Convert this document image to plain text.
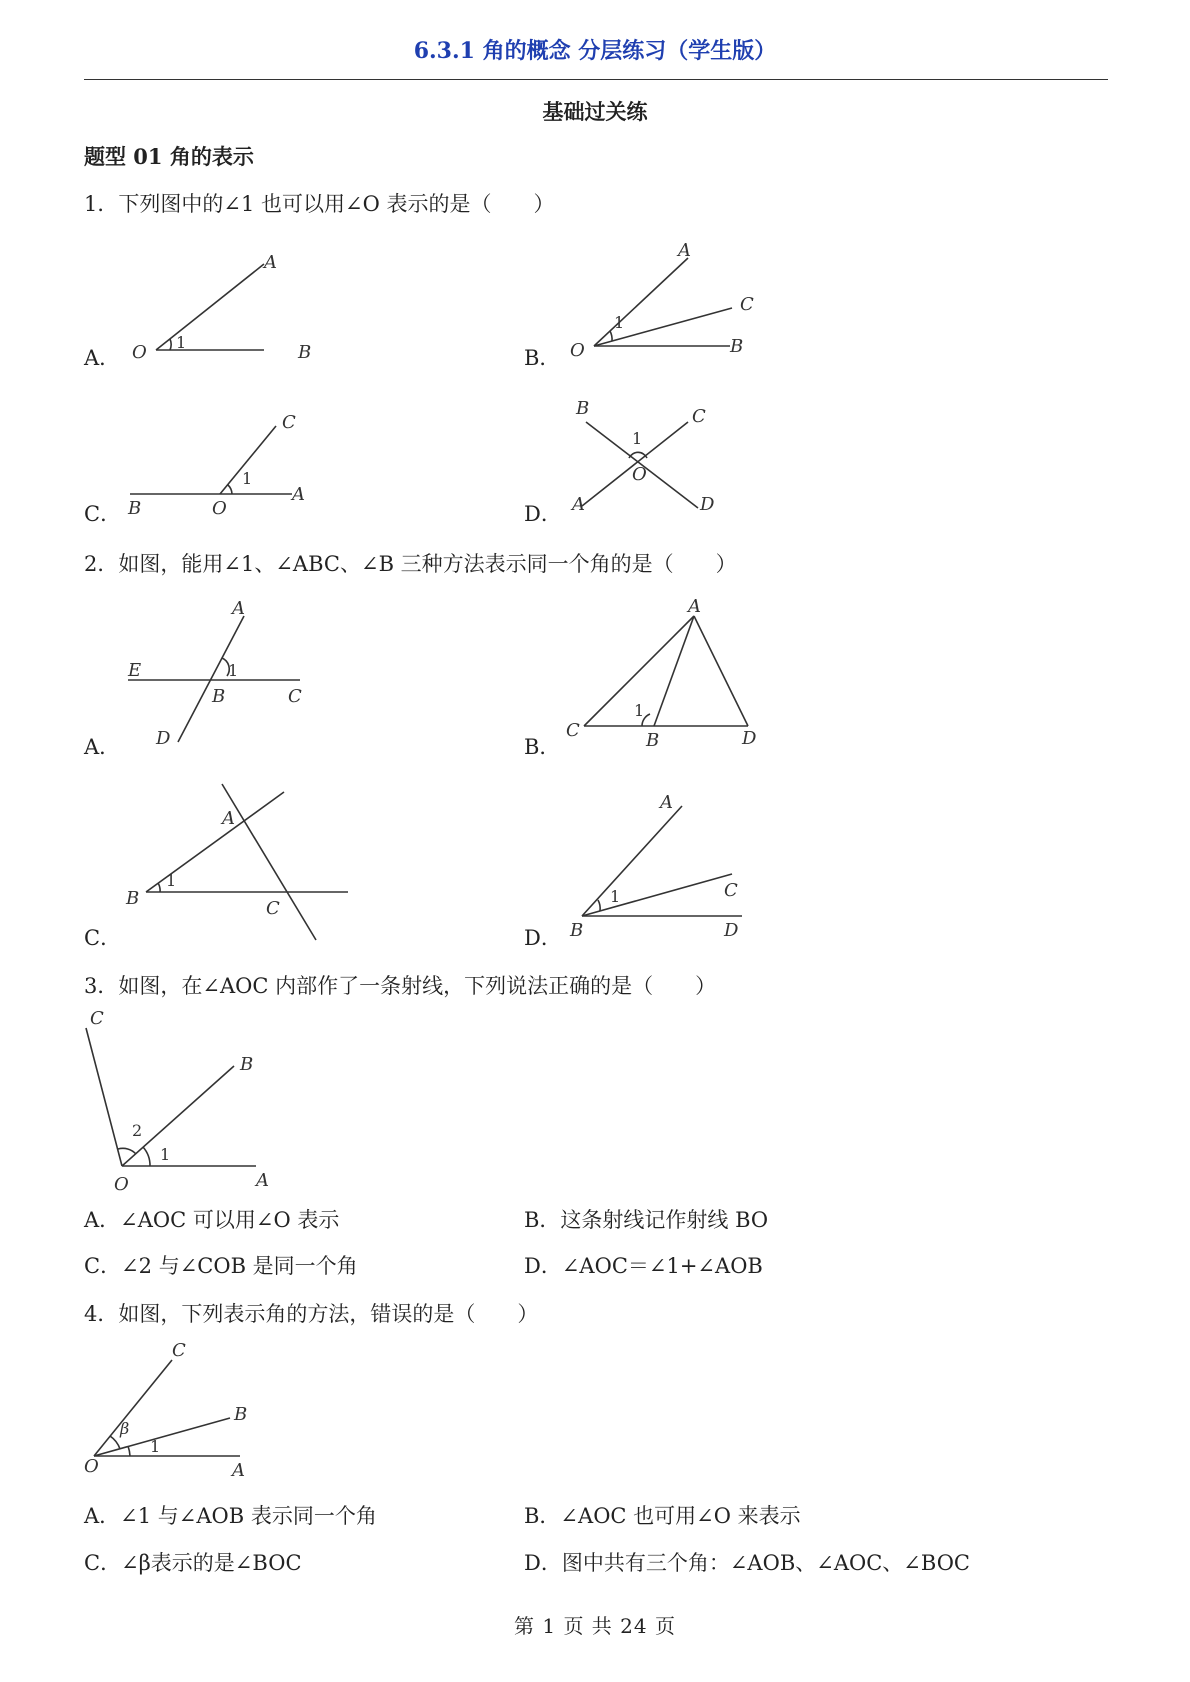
6.3.1 角的概念 分层练习（学生版）
基础过关练
题型 01 角的表示
1．下列图中的∠1 也可以用∠O 表示的是（　　）
A．
A
O 1	B	B．
A
C
1
O	B
C．
C
1
B	O
A
D．
B	C
1
O
A	D
2．如图，能用∠1、∠ABC、∠B 三种方法表示同一个角的是（　　）
A．
A
E	1
B	C
D	B．
A
1
C	B	D
C．
A
1
B	C
D．
A
C
1
B	D
3．如图，在∠AOC 内部作了一条射线，下列说法正确的是（　　）
C
B
2
1
O	A
A．∠AOC 可以用∠O 表示	B．这条射线记作射线 BO
C．∠2 与∠COB 是同一个角	D．∠AOC＝∠1+∠AOB
4．如图，下列表示角的方法，错误的是（　　）
C
B
β
1
O	A
A．∠1 与∠AOB 表示同一个角	B．∠AOC 也可用∠O 来表示
C．∠β表示的是∠BOC	D．图中共有三个角：∠AOB、∠AOC、∠BOC
第 1 页 共 24 页
